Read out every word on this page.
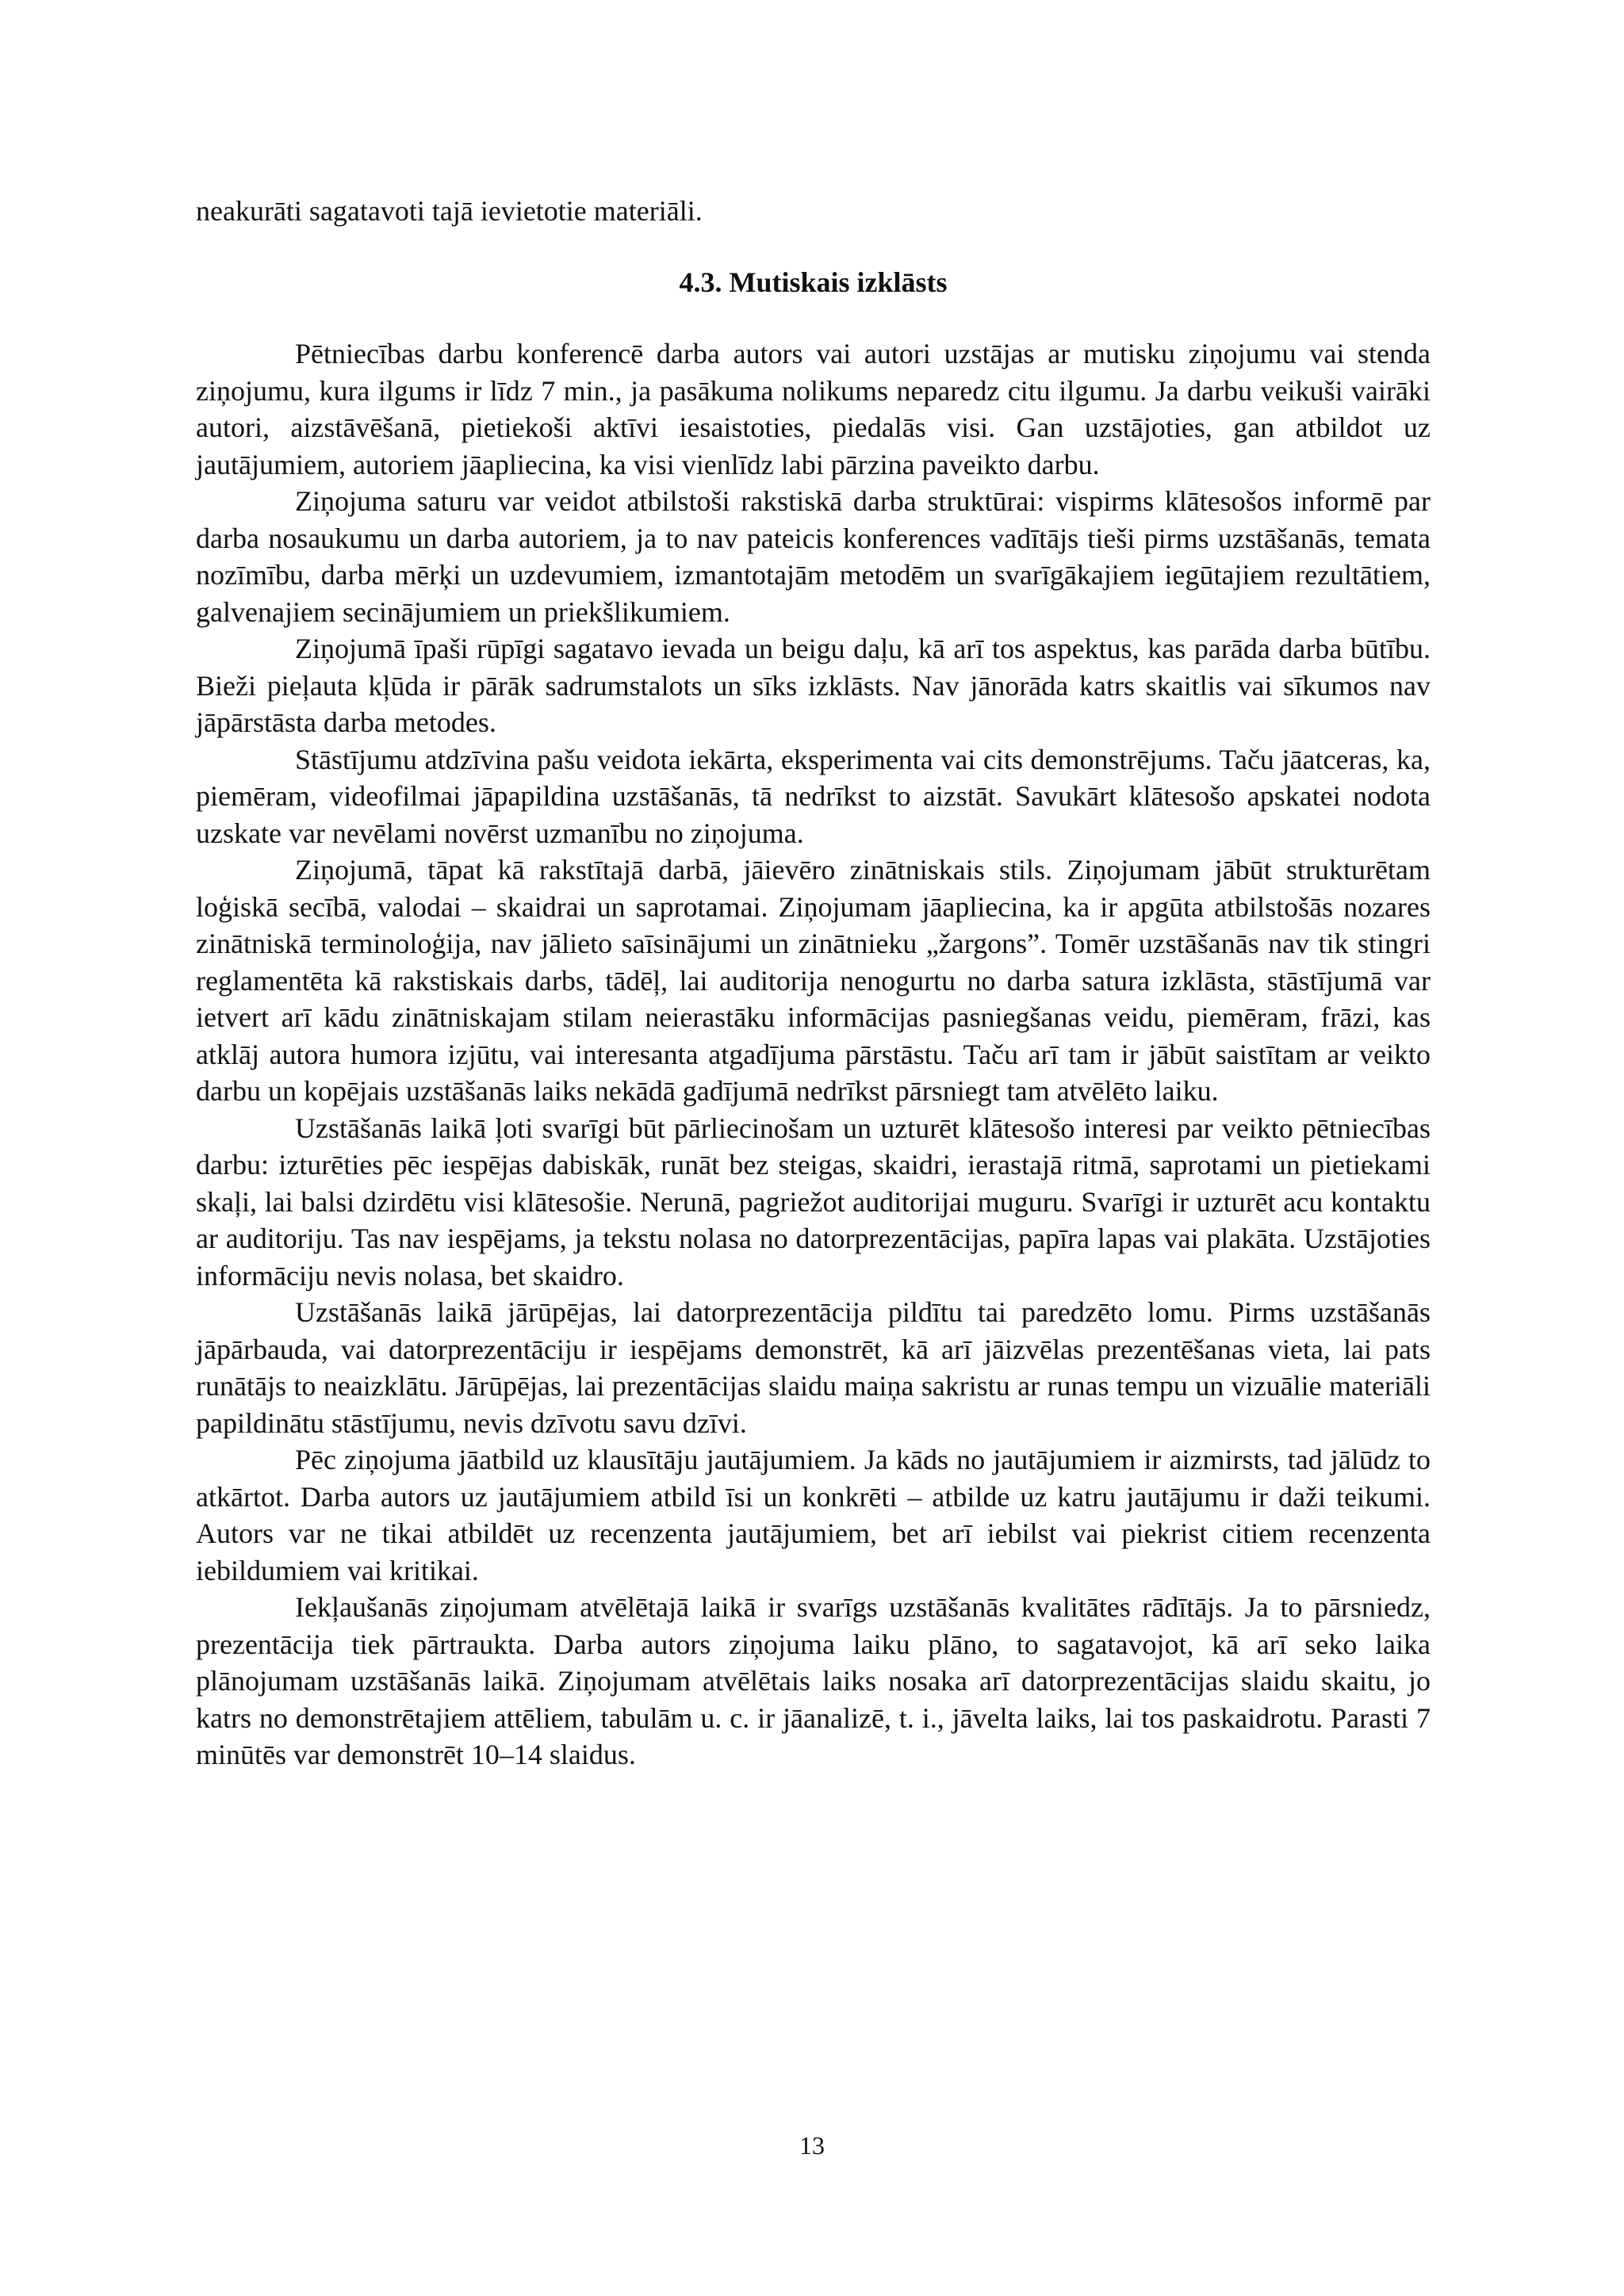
neakurāti sagatavoti tajā ievietotie materiāli.

4.3. Mutiskais izklāsts

Pētniecības darbu konferencē darba autors vai autori uzstājas ar mutisku ziņojumu vai stenda ziņojumu, kura ilgums ir līdz 7 min., ja pasākuma nolikums neparedz citu ilgumu. Ja darbu veikuši vairāki autori, aizstāvēšanā, pietiekoši aktīvi iesaistoties, piedalās visi. Gan uzstājoties, gan atbildot uz jautājumiem, autoriem jāapliecina, ka visi vienlīdz labi pārzina paveikto darbu.

Ziņojuma saturu var veidot atbilstoši rakstiskā darba struktūrai: vispirms klātesošos informē par darba nosaukumu un darba autoriem, ja to nav pateicis konferences vadītājs tieši pirms uzstāšanās, temata nozīmību, darba mērķi un uzdevumiem, izmantotajām metodēm un svarīgākajiem iegūtajiem rezultātiem, galvenajiem secinājumiem un priekšlikumiem.

Ziņojumā īpaši rūpīgi sagatavo ievada un beigu daļu, kā arī tos aspektus, kas parāda darba būtību. Bieži pieļauta kļūda ir pārāk sadrumstalots un sīks izklāsts. Nav jānorāda katrs skaitlis vai sīkumos nav jāpārstāsta darba metodes.

Stāstījumu atdzīvina pašu veidota iekārta, eksperimenta vai cits demonstrējums. Taču jāatceras, ka, piemēram, videofilmai jāpapildina uzstāšanās, tā nedrīkst to aizstāt. Savukārt klātesošo apskatei nodota uzskate var nevēlami novērst uzmanību no ziņojuma.

Ziņojumā, tāpat kā rakstītajā darbā, jāievēro zinātniskais stils. Ziņojumam jābūt strukturētam loģiskā secībā, valodai – skaidrai un saprotamai. Ziņojumam jāapliecina, ka ir apgūta atbilstošās nozares zinātniskā terminoloģija, nav jālieto saīsinājumi un zinātnieku „žargons”. Tomēr uzstāšanās nav tik stingri reglamentēta kā rakstiskais darbs, tādēļ, lai auditorija nenogurtu no darba satura izklāsta, stāstījumā var ietvert arī kādu zinātniskajam stilam neierastāku informācijas pasniegšanas veidu, piemēram, frāzi, kas atklāj autora humora izjūtu, vai interesanta atgadījuma pārstāstu. Taču arī tam ir jābūt saistītam ar veikto darbu un kopējais uzstāšanās laiks nekādā gadījumā nedrīkst pārsniegt tam atvēlēto laiku.

Uzstāšanās laikā ļoti svarīgi būt pārliecinošam un uzturēt klātesošo interesi par veikto pētniecības darbu: izturēties pēc iespējas dabiskāk, runāt bez steigas, skaidri, ierastajā ritmā, saprotami un pietiekami skaļi, lai balsi dzirdētu visi klātesošie. Nerunā, pagriežot auditorijai muguru. Svarīgi ir uzturēt acu kontaktu ar auditoriju. Tas nav iespējams, ja tekstu nolasa no datorprezentācijas, papīra lapas vai plakāta. Uzstājoties informāciju nevis nolasa, bet skaidro.

Uzstāšanās laikā jārūpējas, lai datorprezentācija pildītu tai paredzēto lomu. Pirms uzstāšanās jāpārbauda, vai datorprezentāciju ir iespējams demonstrēt, kā arī jāizvēlas prezentēšanas vieta, lai pats runātājs to neaizklātu. Jārūpējas, lai prezentācijas slaidu maiņa sakristu ar runas tempu un vizuālie materiāli papildinātu stāstījumu, nevis dzīvotu savu dzīvi.

Pēc ziņojuma jāatbild uz klausītāju jautājumiem. Ja kāds no jautājumiem ir aizmirsts, tad jālūdz to atkārtot. Darba autors uz jautājumiem atbild īsi un konkrēti – atbilde uz katru jautājumu ir daži teikumi. Autors var ne tikai atbildēt uz recenzenta jautājumiem, bet arī iebilst vai piekrist citiem recenzenta iebildumiem vai kritikai.

Iekļaušanās ziņojumam atvēlētajā laikā ir svarīgs uzstāšanās kvalitātes rādītājs. Ja to pārsniedz, prezentācija tiek pārtraukta. Darba autors ziņojuma laiku plāno, to sagatavojot, kā arī seko laika plānojumam uzstāšanās laikā. Ziņojumam atvēlētais laiks nosaka arī datorprezentācijas slaidu skaitu, jo katrs no demonstrētajiem attēliem, tabulām u. c. ir jāanalizē, t. i., jāvelta laiks, lai tos paskaidrotu. Parasti 7 minūtēs var demonstrēt 10–14 slaidus.

13
